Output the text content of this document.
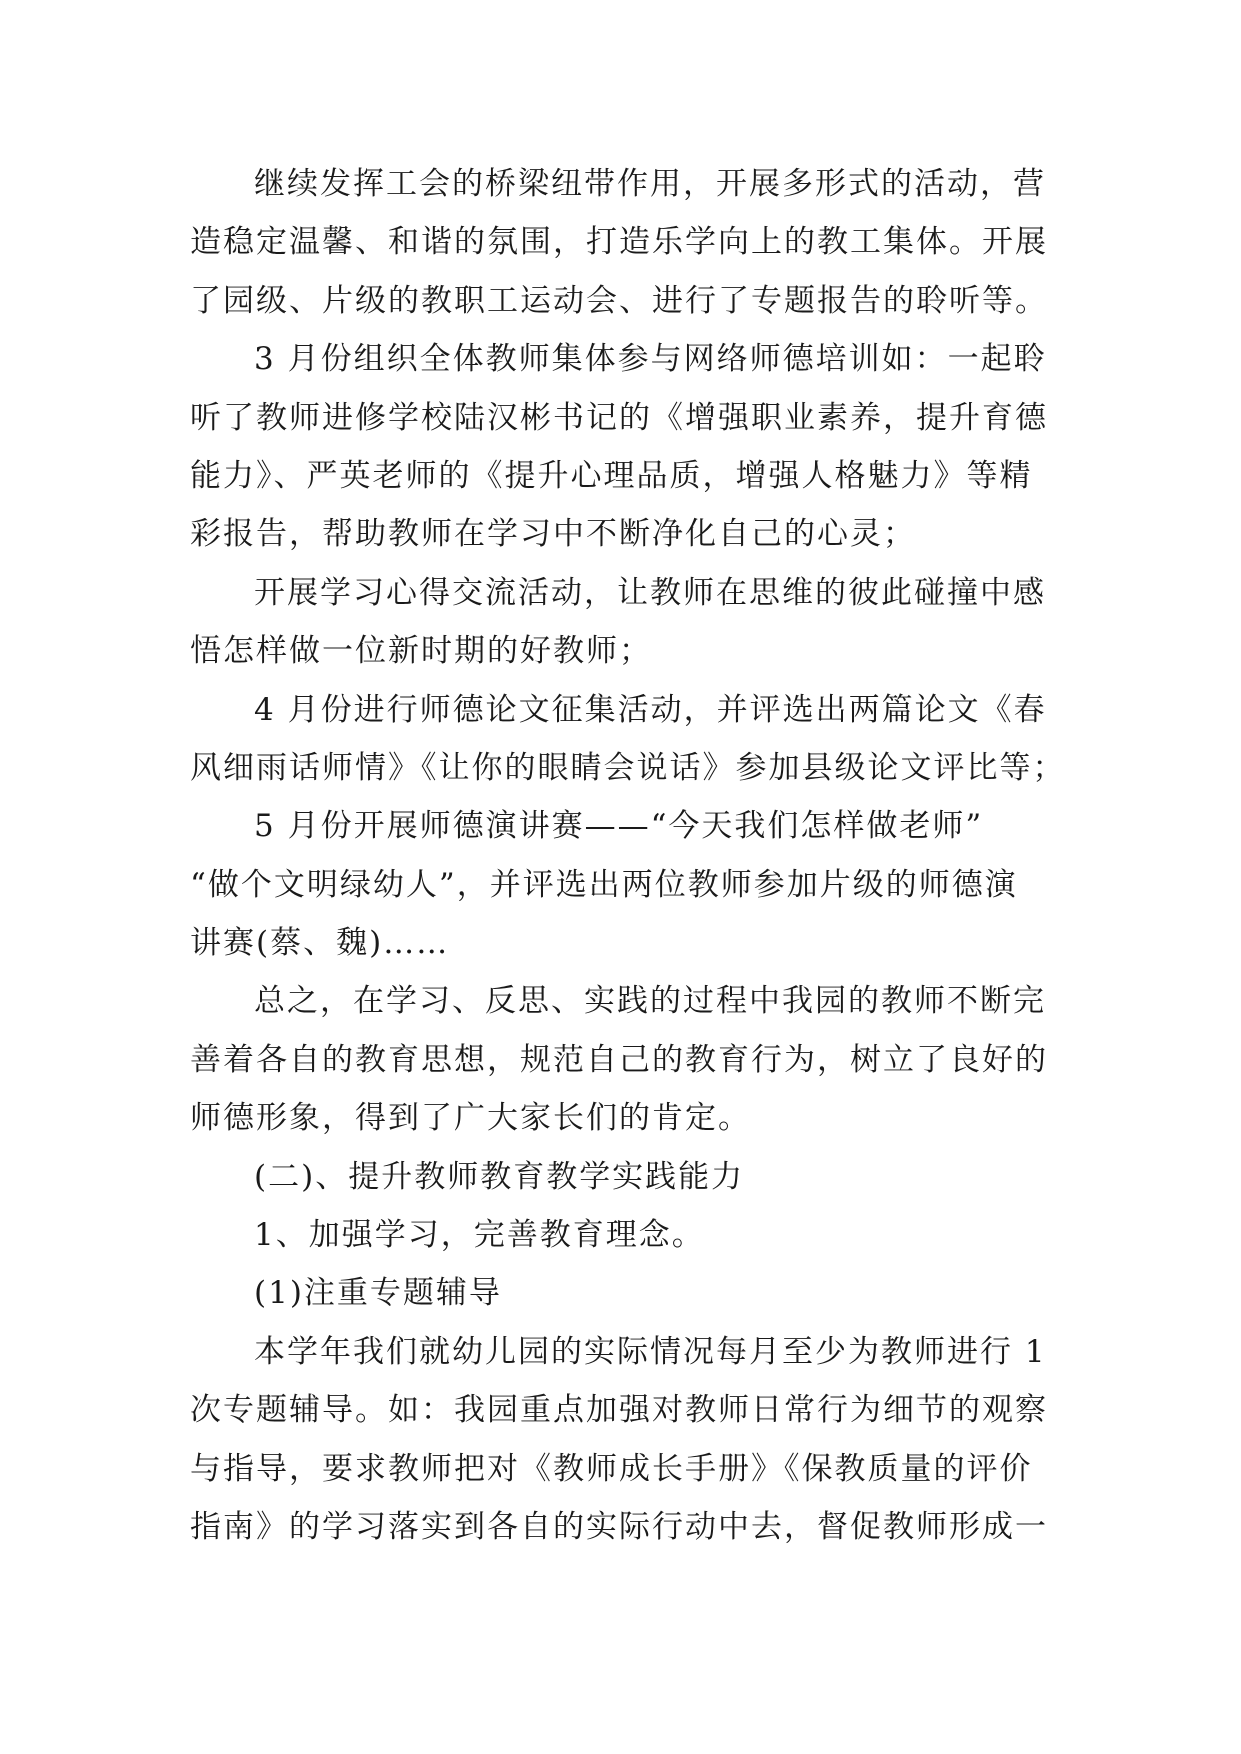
继续发挥工会的桥梁纽带作用，开展多形式的活动，营
造稳定温馨、和谐的氛围，打造乐学向上的教工集体。开展
了园级、片级的教职工运动会、进行了专题报告的聆听等。
3 月份组织全体教师集体参与网络师德培训如：一起聆
听了教师进修学校陆汉彬书记的《增强职业素养，提升育德
能力》、严英老师的《提升心理品质，增强人格魅力》等精
彩报告，帮助教师在学习中不断净化自己的心灵；
开展学习心得交流活动，让教师在思维的彼此碰撞中感
悟怎样做一位新时期的好教师；
4 月份进行师德论文征集活动，并评选出两篇论文《春
风细雨话师情》《让你的眼睛会说话》参加县级论文评比等；
5 月份开展师德演讲赛——“今天我们怎样做老师”
“做个文明绿幼人”，并评选出两位教师参加片级的师德演
讲赛(蔡、魏)……
总之，在学习、反思、实践的过程中我园的教师不断完
善着各自的教育思想，规范自己的教育行为，树立了良好的
师德形象，得到了广大家长们的肯定。
(二)、提升教师教育教学实践能力
1、加强学习，完善教育理念。
(1)注重专题辅导
本学年我们就幼儿园的实际情况每月至少为教师进行 1
次专题辅导。如：我园重点加强对教师日常行为细节的观察
与指导，要求教师把对《教师成长手册》《保教质量的评价
指南》的学习落实到各自的实际行动中去，督促教师形成一
